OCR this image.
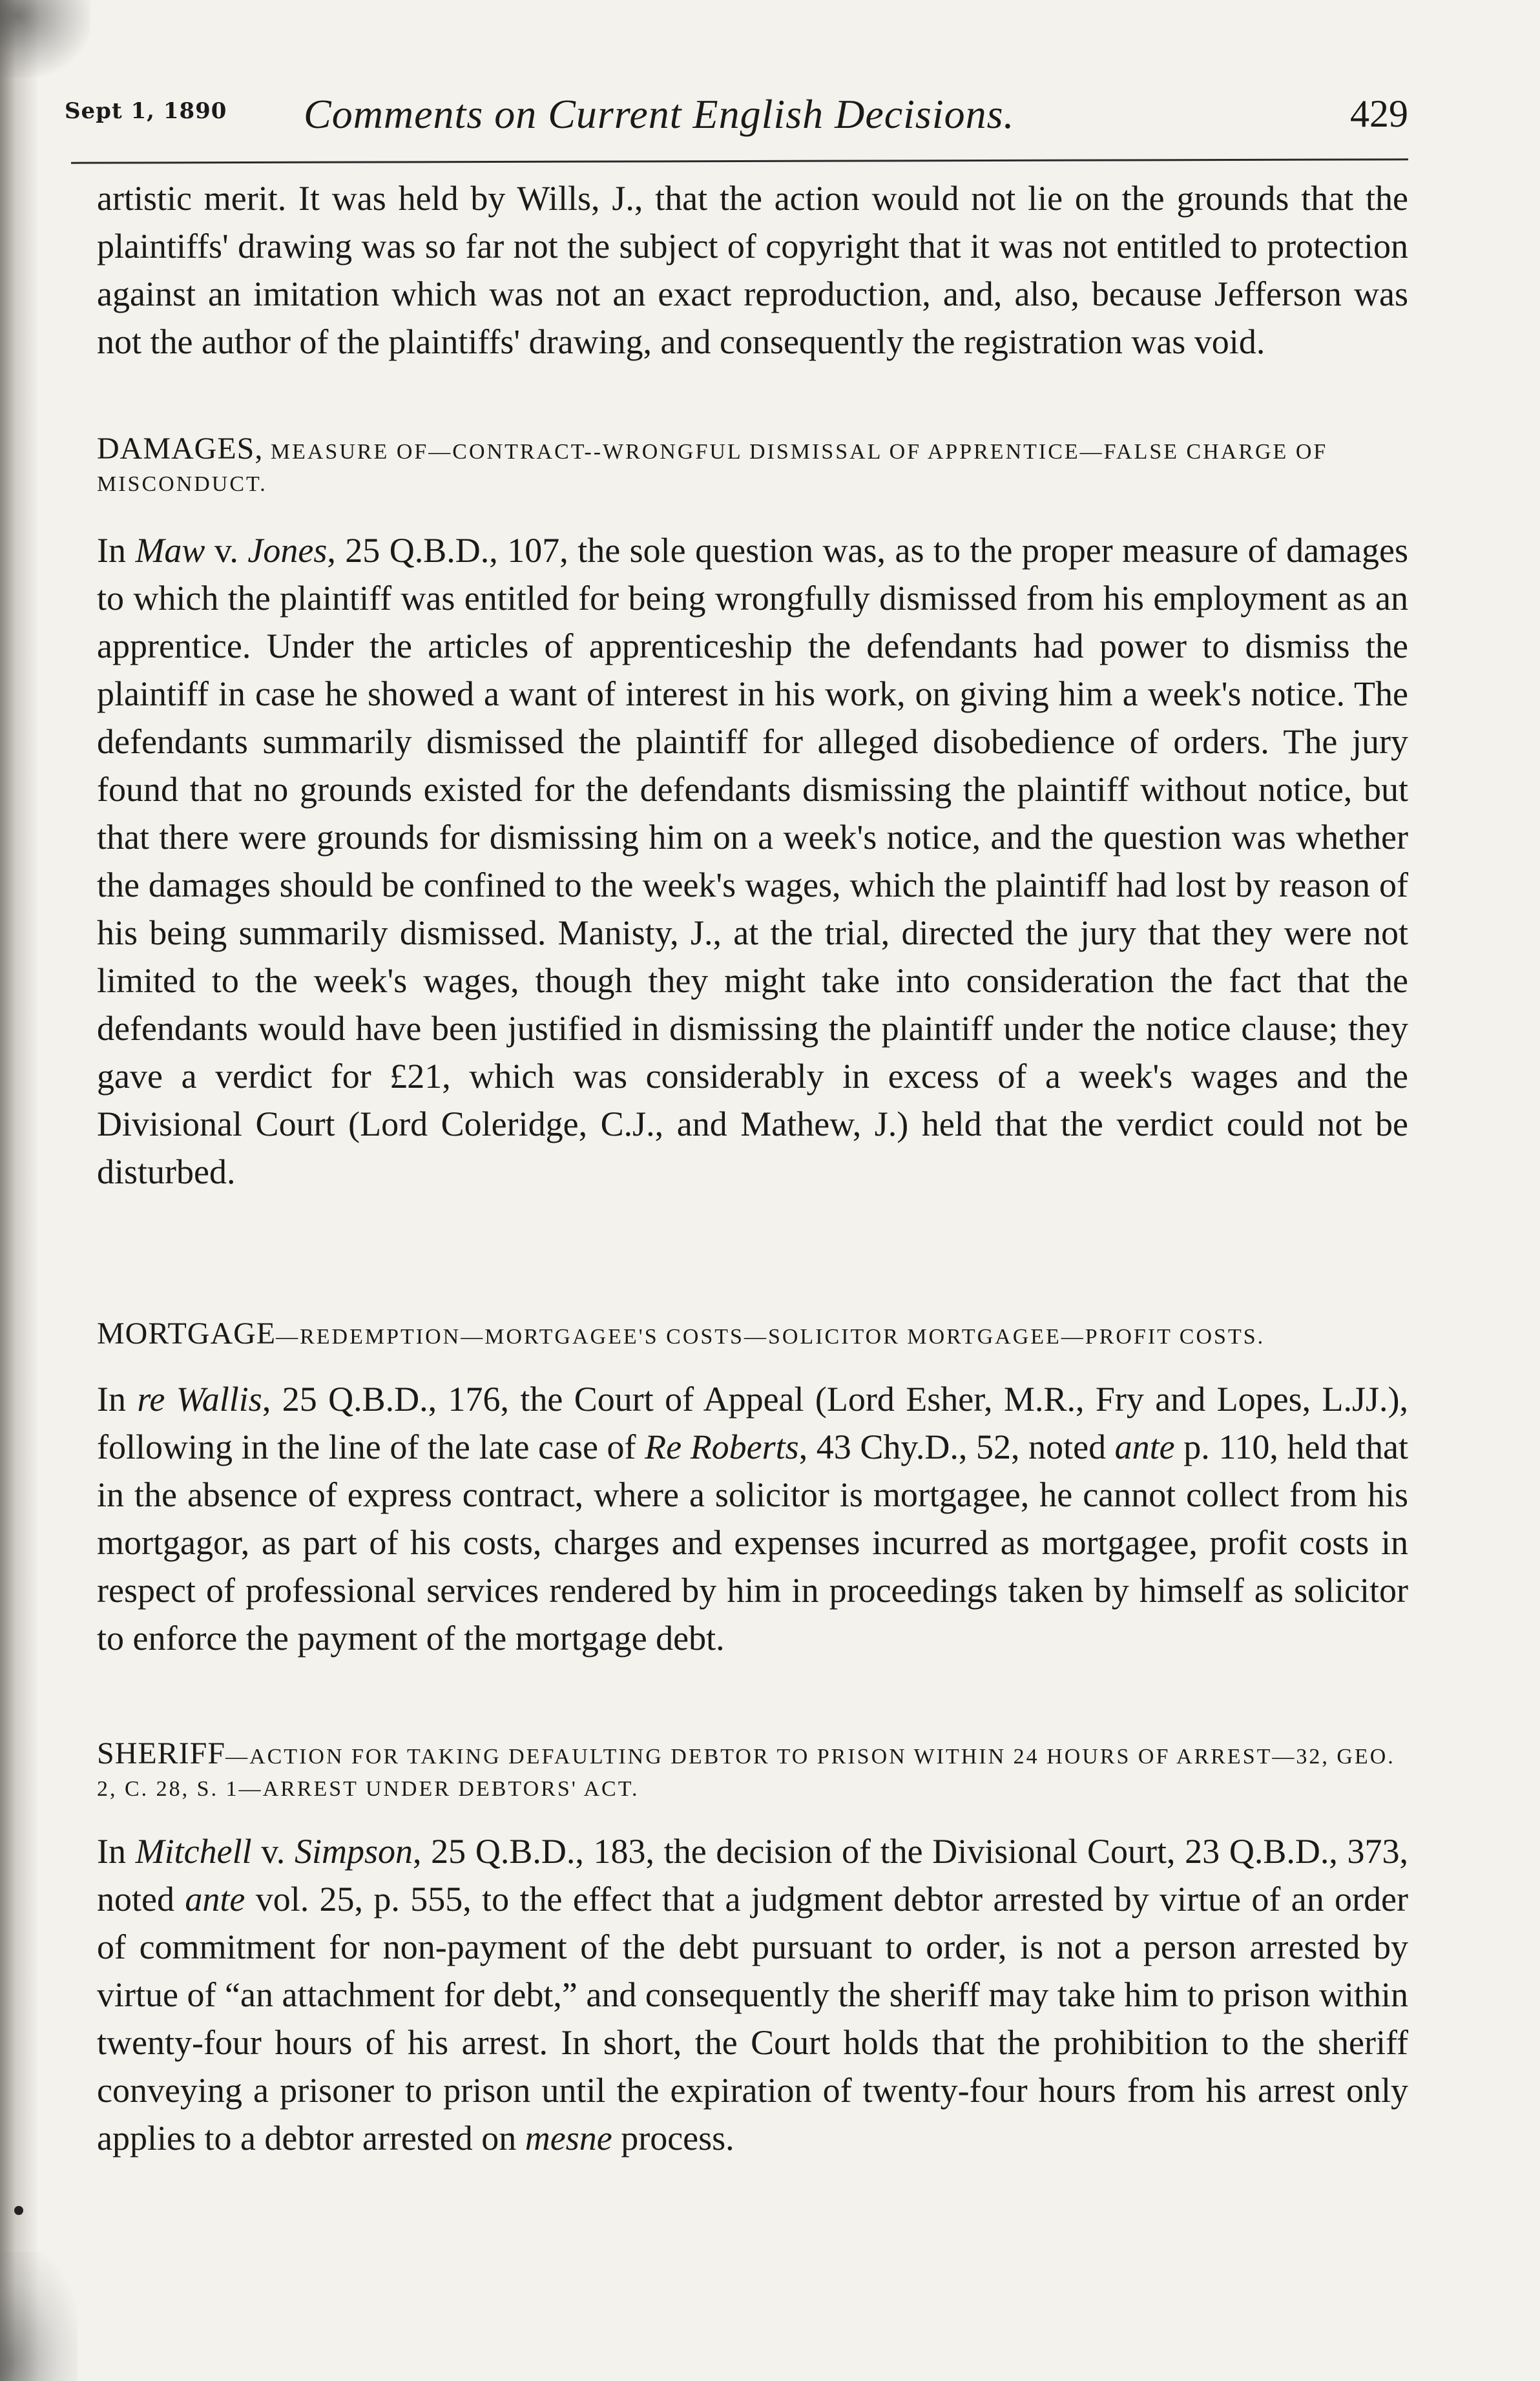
Sept 1, 1890 Comments on Current English Decisions.	429

artistic merit. It was held by Wills, J., that the action would not lie on the grounds that the plaintiffs' drawing was so far not the subject of copyright that it was not entitled to protection against an imitation which was not an exact reproduction, and, also, because Jefferson was not the author of the plaintiffs' drawing, and consequently the registration was void.

DAMAGES, MEASURE OF—CONTRACT--WRONGFUL DISMISSAL OF APPRENTICE—FALSE CHARGE OF MISCONDUCT.

In Maw v. Jones, 25 Q.B.D., 107, the sole question was, as to the proper measure of damages to which the plaintiff was entitled for being wrongfully dismissed from his employment as an apprentice. Under the articles of apprenticeship the defendants had power to dismiss the plaintiff in case he showed a want of interest in his work, on giving him a week's notice. The defendants summarily dismissed the plaintiff for alleged disobedience of orders. The jury found that no grounds existed for the defendants dismissing the plaintiff without notice, but that there were grounds for dismissing him on a week's notice, and the question was whether the damages should be confined to the week's wages, which the plaintiff had lost by reason of his being summarily dismissed. Manisty, J., at the trial, directed the jury that they were not limited to the week's wages, though they might take into consideration the fact that the defendants would have been justified in dismissing the plaintiff under the notice clause; they gave a verdict for £21, which was considerably in excess of a week's wages and the Divisional Court (Lord Coleridge, C.J., and Mathew, J.) held that the verdict could not be disturbed.

MORTGAGE—REDEMPTION—MORTGAGEE'S COSTS—SOLICITOR MORTGAGEE—PROFIT COSTS.

In re Wallis, 25 Q.B.D., 176, the Court of Appeal (Lord Esher, M.R., Fry and Lopes, L.JJ.), following in the line of the late case of Re Roberts, 43 Chy.D., 52, noted ante p. 110, held that in the absence of express contract, where a solicitor is mortgagee, he cannot collect from his mortgagor, as part of his costs, charges and expenses incurred as mortgagee, profit costs in respect of professional services rendered by him in proceedings taken by himself as solicitor to enforce the payment of the mortgage debt.

SHERIFF—ACTION FOR TAKING DEFAULTING DEBTOR TO PRISON WITHIN 24 HOURS OF ARREST—32, GEO. 2, C. 28, S. 1—ARREST UNDER DEBTORS' ACT.

In Mitchell v. Simpson, 25 Q.B.D., 183, the decision of the Divisional Court, 23 Q.B.D., 373, noted ante vol. 25, p. 555, to the effect that a judgment debtor arrested by virtue of an order of commitment for non-payment of the debt pursuant to order, is not a person arrested by virtue of “an attachment for debt,” and consequently the sheriff may take him to prison within twenty-four hours of his arrest. In short, the Court holds that the prohibition to the sheriff conveying a prisoner to prison until the expiration of twenty-four hours from his arrest only applies to a debtor arrested on mesne process.
